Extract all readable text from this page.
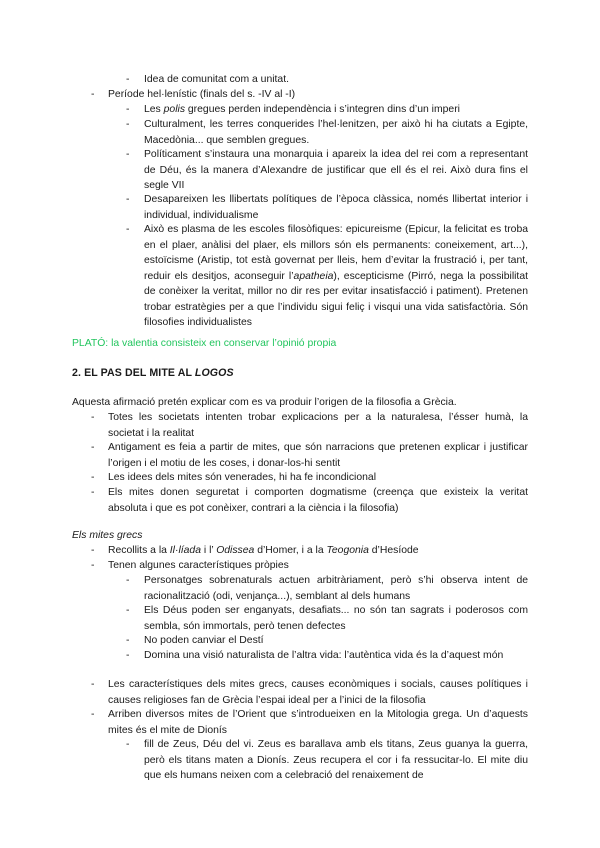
- Idea de comunitat com a unitat.

- Període hel·lenístic (finals del s. -IV al -I)

- Les polis gregues perden independència i s’integren dins d’un imperi

- Culturalment, les terres conquerides l’hel·lenitzen, per això hi ha ciutats a Egipte, Macedònia... que semblen gregues.

- Políticament s’instaura una monarquia i apareix la idea del rei com a representant de Déu, és la manera d’Alexandre de justificar que ell és el rei. Això dura fins el segle VII

- Desapareixen les llibertats polítiques de l’època clàssica, només llibertat interior i individual, individualisme

- Això es plasma de les escoles filosòfiques: epicureisme (Epicur, la felicitat es troba en el plaer, anàlisi del plaer, els millors són els permanents: coneixement, art...), estoïcisme (Aristip, tot està governat per lleis, hem d’evitar la frustració i, per tant, reduir els desitjos, aconseguir l’apatheia), escepticisme (Pirró, nega la possibilitat de conèixer la veritat, millor no dir res per evitar insatisfacció i patiment). Pretenen trobar estratègies per a que l’individu sigui feliç i visqui una vida satisfactòria. Són filosofies individualistes

PLATÓ: la valentia consisteix en conservar l’opinió propia

2. EL PAS DEL MITE AL LOGOS

Aquesta afirmació pretén explicar com es va produir l’origen de la filosofia a Grècia.

- Totes les societats intenten trobar explicacions per a la naturalesa, l’ésser humà, la societat i la realitat

- Antigament es feia a partir de mites, que són narracions que pretenen explicar i justificar l’origen i el motiu de les coses, i donar-los-hi sentit

- Les idees dels mites són venerades, hi ha fe incondicional

- Els mites donen seguretat i comporten dogmatisme (creença que existeix la veritat absoluta i que es pot conèixer, contrari a la ciència i la filosofia)

Els mites grecs

- Recollits a la Il·líada i l’ Odissea d’Homer, i a la Teogonia d’Hesíode

- Tenen algunes característiques pròpies

- Personatges sobrenaturals actuen arbitràriament, però s’hi observa intent de racionalització (odi, venjança...), semblant al dels humans

- Els Déus poden ser enganyats, desafiats... no són tan sagrats i poderosos com sembla, són immortals, però tenen defectes

- No poden canviar el Destí

- Domina una visió naturalista de l’altra vida: l’autèntica vida és la d’aquest món

- Les característiques dels mites grecs, causes econòmiques i socials, causes polítiques i causes religioses fan de Grècia l’espai ideal per a l’inici de la filosofia

- Arriben diversos mites de l’Orient que s’introdueixen en la Mitologia grega. Un d’aquests mites és el mite de Dionís

- fill de Zeus, Déu del vi. Zeus es barallava amb els titans, Zeus guanya la guerra, però els titans maten a Dionís. Zeus recupera el cor i fa ressucitar-lo. El mite diu que els humans neixen com a celebració del renaixement de
